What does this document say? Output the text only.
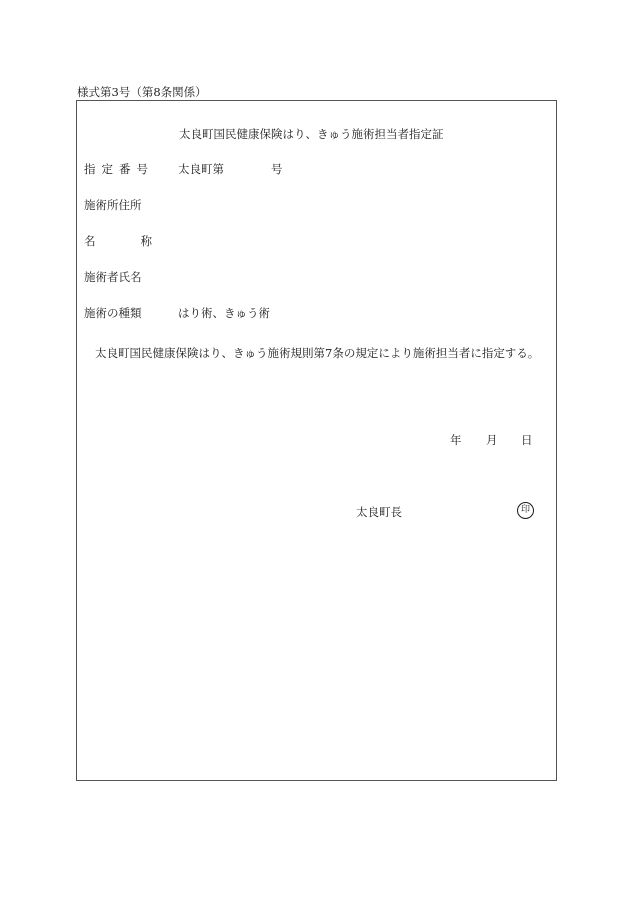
様式第3号（第8条関係）
太良町国民健康保険はり、きゅう施術担当者指定証
指定番号 太良町第	号
施術所住所
名	称
施術者氏名
施術の種類	はり術、きゅう術
太良町国民健康保険はり、きゅう施術規則第7条の規定により施術担当者に指定する。
年 月 日
太良町長	印
